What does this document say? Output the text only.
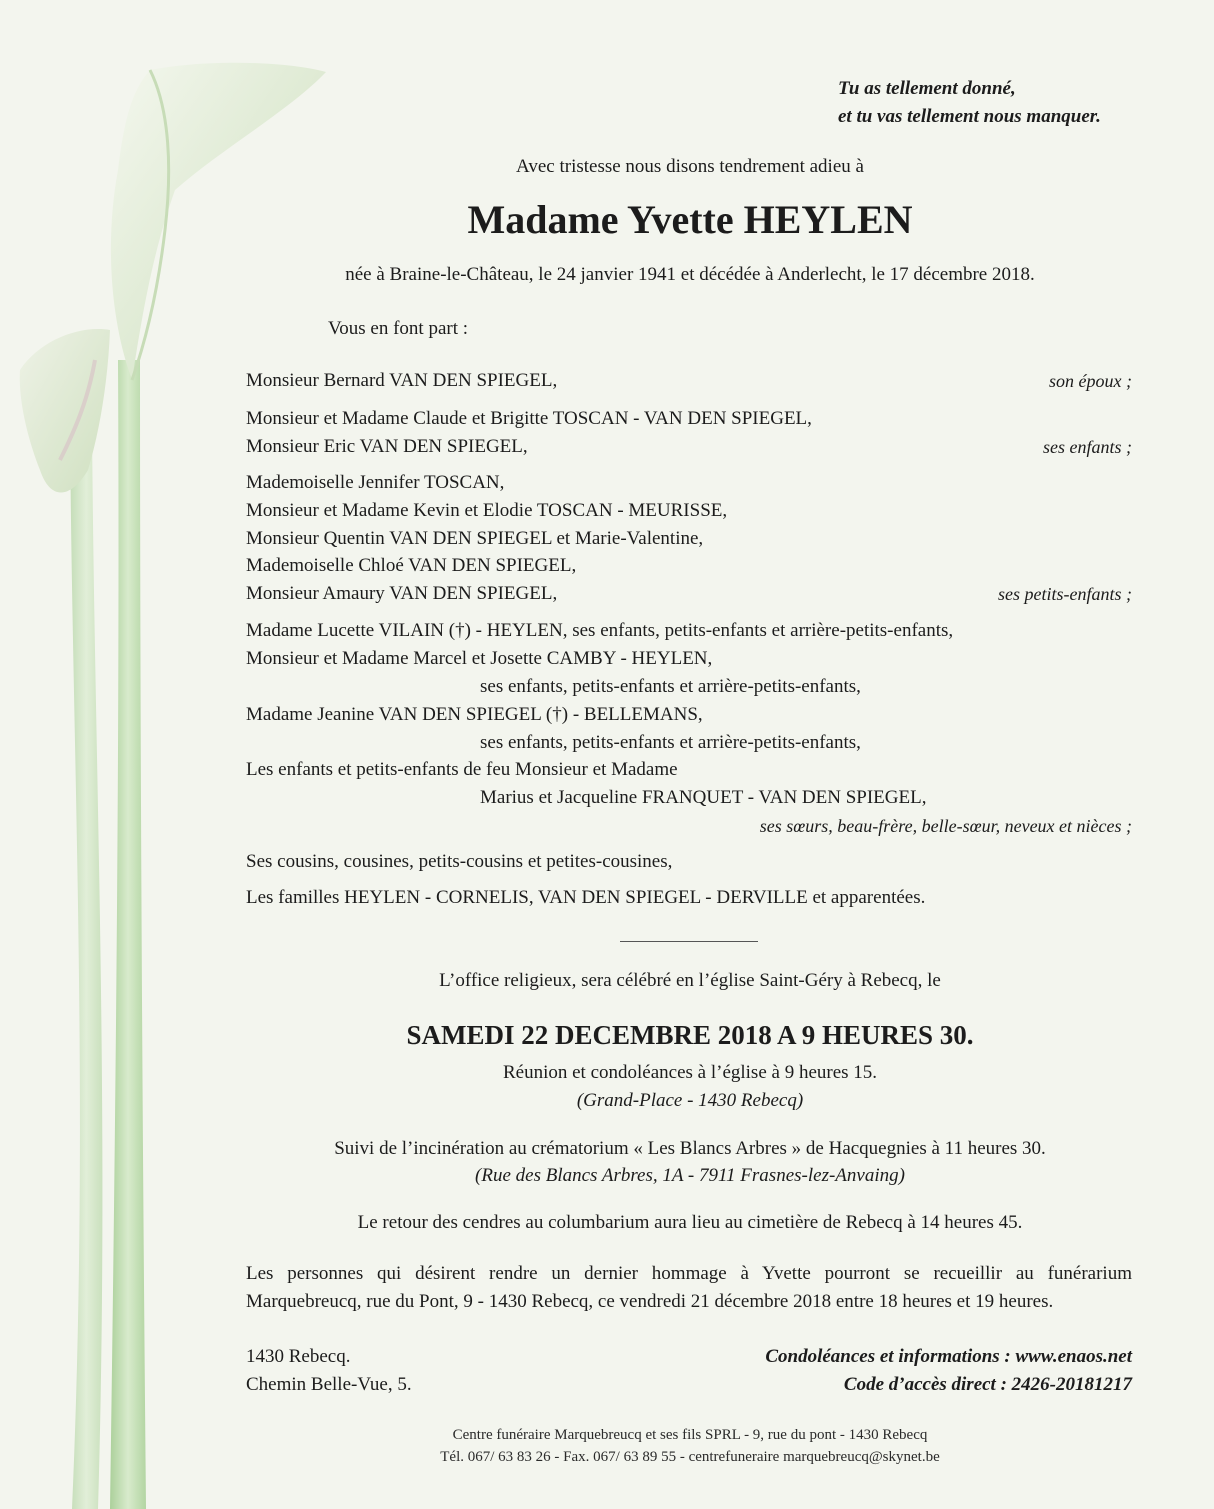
Tu as tellement donné,

et tu vas tellement nous manquer.

Avec tristesse nous disons tendrement adieu à

Madame Yvette HEYLEN

née à Braine-le-Château, le 24 janvier 1941 et décédée à Anderlecht, le 17 décembre 2018.

Vous en font part :

Monsieur Bernard VAN DEN SPIEGEL,	son époux ;
Monsieur et Madame Claude et Brigitte TOSCAN - VAN DEN SPIEGEL,
Monsieur Eric VAN DEN SPIEGEL,	ses enfants ;
Mademoiselle Jennifer TOSCAN,
Monsieur et Madame Kevin et Elodie TOSCAN - MEURISSE,
Monsieur Quentin VAN DEN SPIEGEL et Marie-Valentine,
Mademoiselle Chloé VAN DEN SPIEGEL,
Monsieur Amaury VAN DEN SPIEGEL,	ses petits-enfants ;
Madame Lucette VILAIN (†) - HEYLEN, ses enfants, petits-enfants et arrière-petits-enfants,
Monsieur et Madame Marcel et Josette CAMBY - HEYLEN,
ses enfants, petits-enfants et arrière-petits-enfants,
Madame Jeanine VAN DEN SPIEGEL (†) - BELLEMANS,
ses enfants, petits-enfants et arrière-petits-enfants,
Les enfants et petits-enfants de feu Monsieur et Madame
Marius et Jacqueline FRANQUET - VAN DEN SPIEGEL,
ses sœurs, beau-frère, belle-sœur, neveux et nièces ;
Ses cousins, cousines, petits-cousins et petites-cousines,
Les familles HEYLEN - CORNELIS, VAN DEN SPIEGEL - DERVILLE et apparentées.

L’office religieux, sera célébré en l’église Saint-Géry à Rebecq, le

SAMEDI 22 DECEMBRE 2018 A 9 HEURES 30.

Réunion et condoléances à l’église à 9 heures 15.

(Grand-Place - 1430 Rebecq)

Suivi de l’incinération au crématorium « Les Blancs Arbres » de Hacquegnies à 11 heures 30.

(Rue des Blancs Arbres, 1A - 7911 Frasnes-lez-Anvaing)

Le retour des cendres au columbarium aura lieu au cimetière de Rebecq à 14 heures 45.

Les personnes qui désirent rendre un dernier hommage à Yvette pourront se recueillir au funérarium
Marquebreucq, rue du Pont, 9 - 1430 Rebecq, ce vendredi 21 décembre 2018 entre 18 heures et 19 heures.
1430 Rebecq.
Chemin Belle-Vue, 5.
Condoléances et informations : www.enaos.net
Code d’accès direct : 2426-20181217
Centre funéraire Marquebreucq et ses fils SPRL - 9, rue du pont - 1430 Rebecq
Tél. 067/ 63 83 26 - Fax. 067/ 63 89 55 - centrefuneraire marquebreucq@skynet.be
